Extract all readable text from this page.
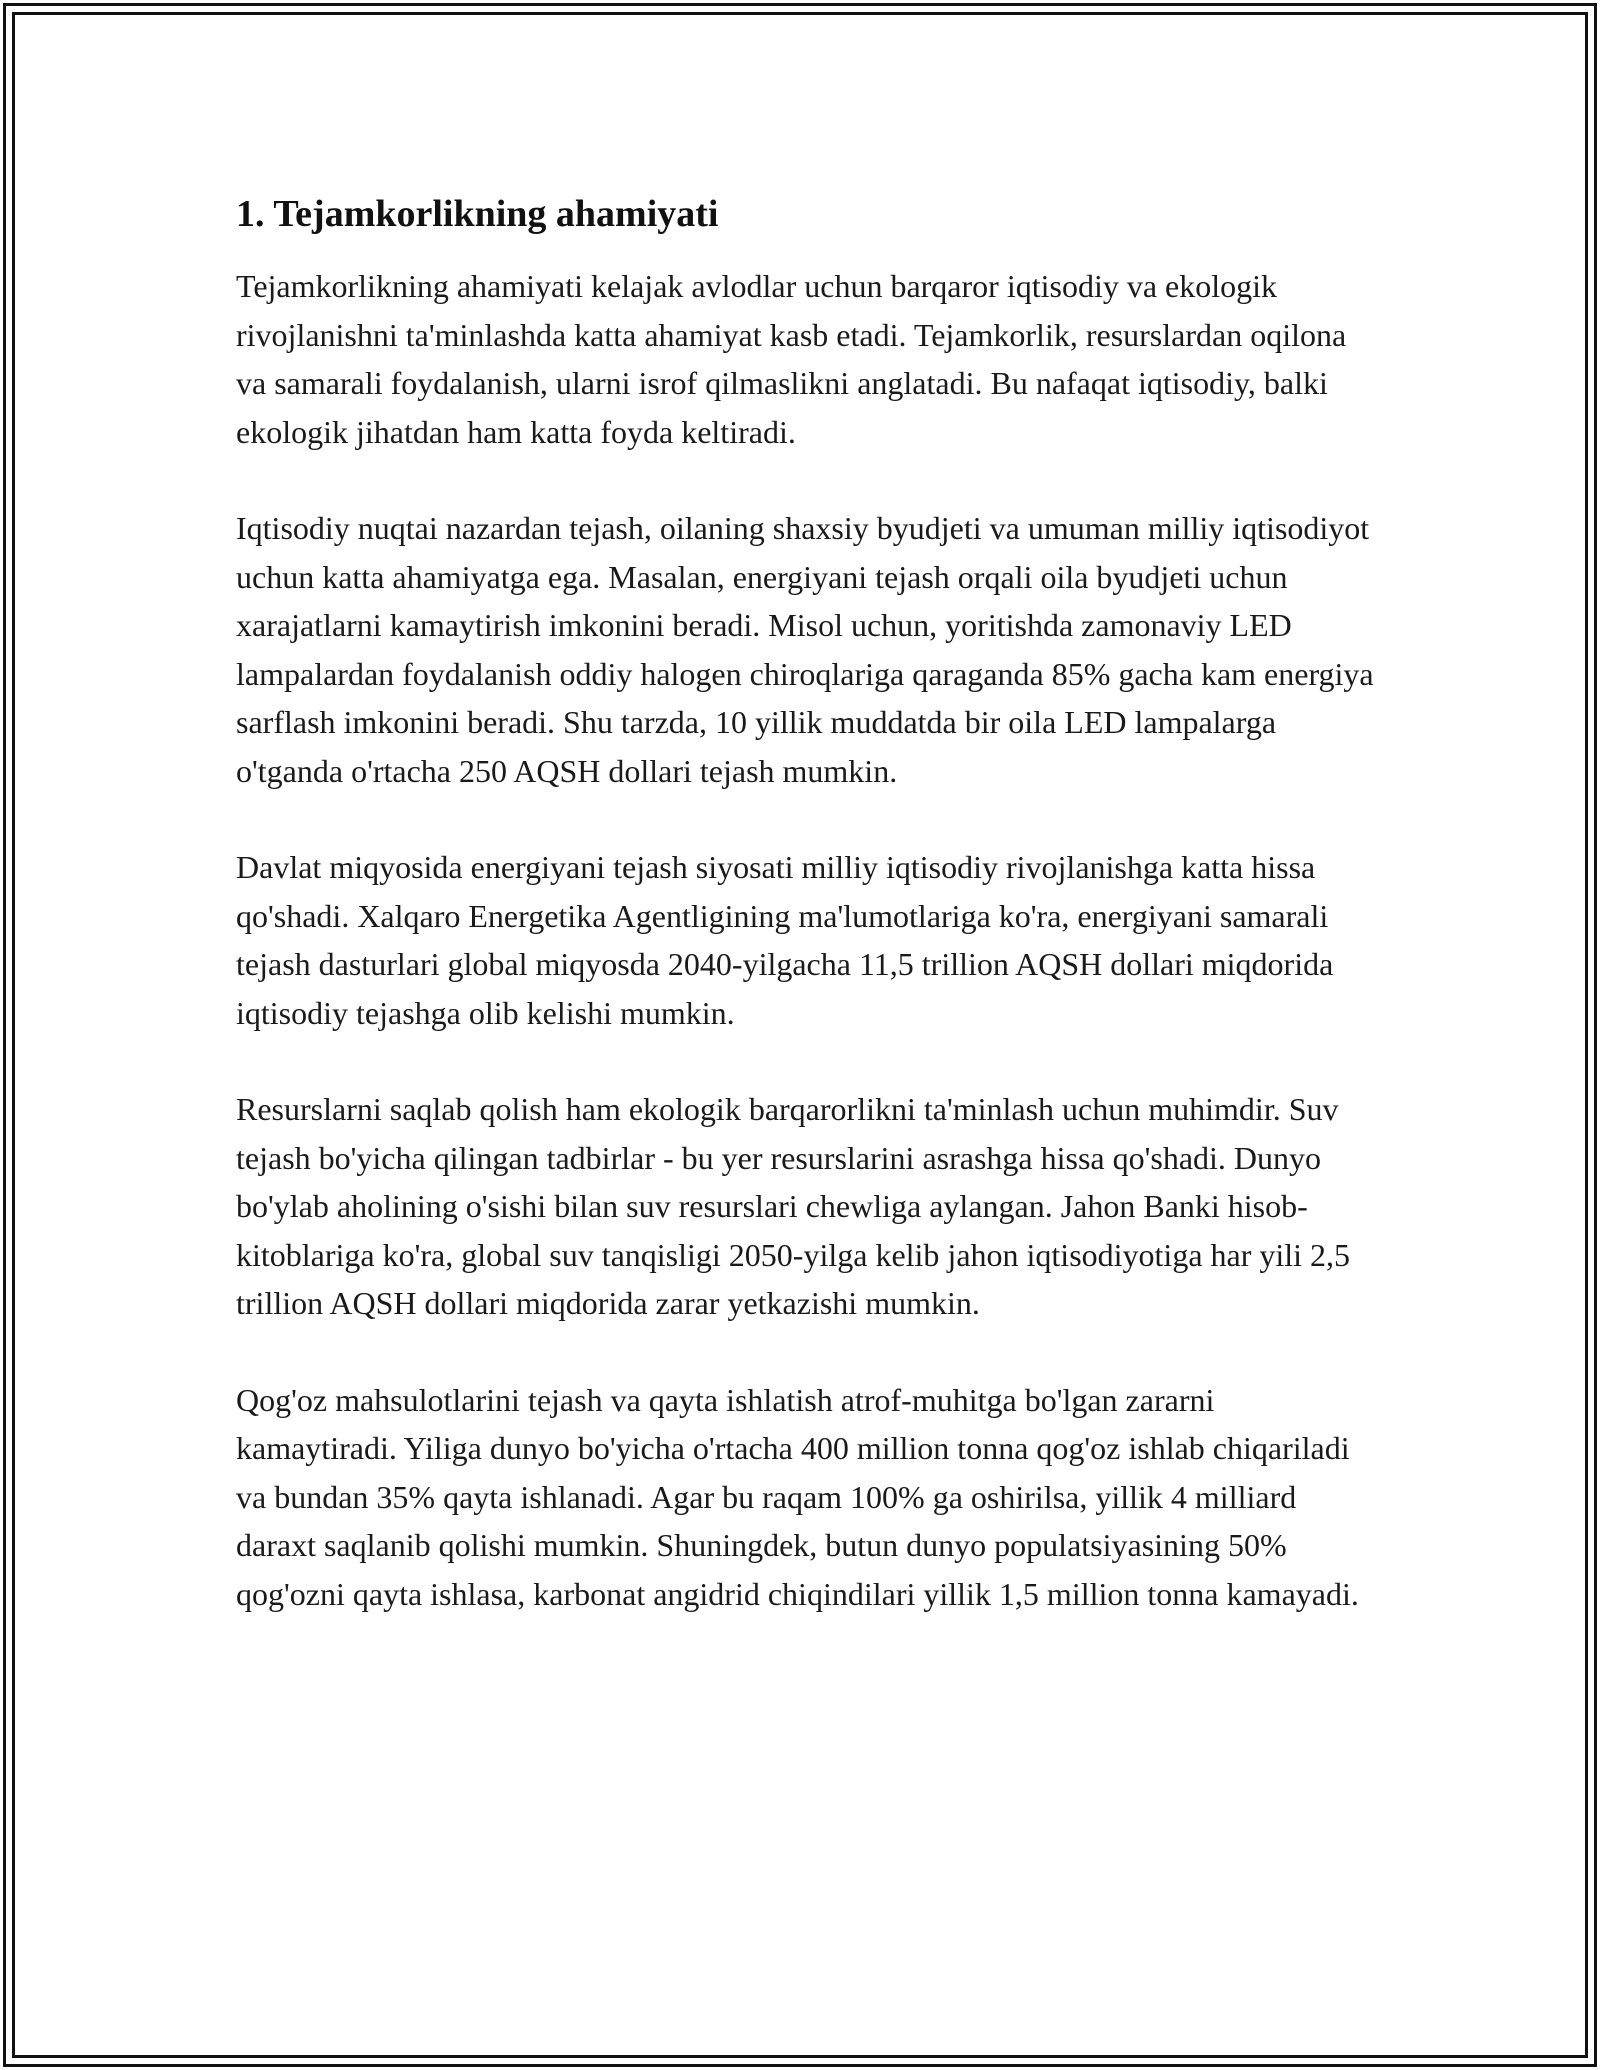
1. Tejamkorlikning ahamiyati

Tejamkorlikning ahamiyati kelajak avlodlar uchun barqaror iqtisodiy va ekologik rivojlanishni ta'minlashda katta ahamiyat kasb etadi. Tejamkorlik, resurslardan oqilona va samarali foydalanish, ularni isrof qilmaslikni anglatadi. Bu nafaqat iqtisodiy, balki ekologik jihatdan ham katta foyda keltiradi.

Iqtisodiy nuqtai nazardan tejash, oilaning shaxsiy byudjeti va umuman milliy iqtisodiyot uchun katta ahamiyatga ega. Masalan, energiyani tejash orqali oila byudjeti uchun xarajatlarni kamaytirish imkonini beradi. Misol uchun, yoritishda zamonaviy LED lampalardan foydalanish oddiy halogen chiroqlariga qaraganda 85% gacha kam energiya sarflash imkonini beradi. Shu tarzda, 10 yillik muddatda bir oila LED lampalarga o'tganda o'rtacha 250 AQSH dollari tejash mumkin.

Davlat miqyosida energiyani tejash siyosati milliy iqtisodiy rivojlanishga katta hissa qo'shadi. Xalqaro Energetika Agentligining ma'lumotlariga ko'ra, energiyani samarali tejash dasturlari global miqyosda 2040-yilgacha 11,5 trillion AQSH dollari miqdorida iqtisodiy tejashga olib kelishi mumkin.

Resurslarni saqlab qolish ham ekologik barqarorlikni ta'minlash uchun muhimdir. Suv tejash bo'yicha qilingan tadbirlar - bu yer resurslarini asrashga hissa qo'shadi. Dunyo bo'ylab aholining o'sishi bilan suv resurslari chewligа aylangan. Jahon Banki hisob-kitoblariga ko'ra, global suv tanqisligi 2050-yilga kelib jahon iqtisodiyotiga har yili 2,5 trillion AQSH dollari miqdorida zarar yetkazishi mumkin.

Qog'oz mahsulotlarini tejash va qayta ishlatish atrof-muhitga bo'lgan zararni kamaytiradi. Yiliga dunyo bo'yicha o'rtacha 400 million tonna qog'oz ishlab chiqariladi va bundan 35% qayta ishlanadi. Agar bu raqam 100% ga oshirilsa, yillik 4 milliard daraxt saqlanib qolishi mumkin. Shuningdek, butun dunyo populatsiyasining 50% qog'ozni qayta ishlasa, karbonat angidrid chiqindilari yillik 1,5 million tonna kamayadi.
